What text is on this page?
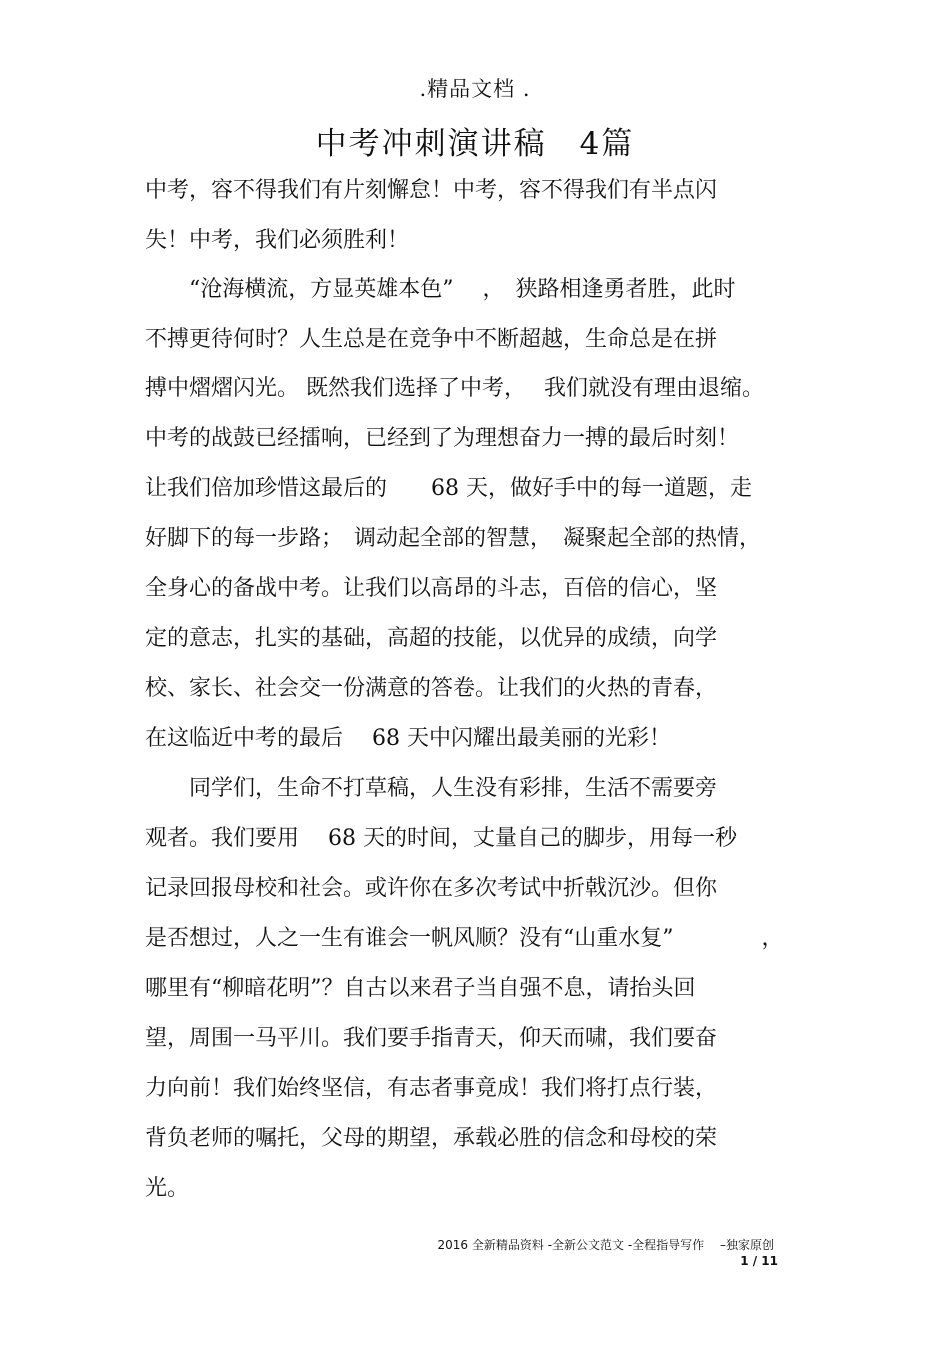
.精品文档 .
中考冲刺演讲稿　4篇
中考，容不得我们有片刻懈怠！中考，容不得我们有半点闪
失！中考，我们必须胜利！
　　“沧海横流，方显英雄本色”　 ，　狭路相逢勇者胜，此时
不搏更待何时？人生总是在竞争中不断超越，生命总是在拼
搏中熠熠闪光。 既然我们选择了中考，　 我们就没有理由退缩。
中考的战鼓已经擂响，已经到了为理想奋力一搏的最后时刻！
让我们倍加珍惜这最后的　　68 天，做好手中的每一道题，走
好脚下的每一步路；　调动起全部的智慧，　凝聚起全部的热情，
全身心的备战中考。让我们以高昂的斗志，百倍的信心，坚
定的意志，扎实的基础，高超的技能，以优异的成绩，向学
校、家长、社会交一份满意的答卷。让我们的火热的青春，
在这临近中考的最后　 68 天中闪耀出最美丽的光彩！
　　同学们，生命不打草稿，人生没有彩排，生活不需要旁
观者。我们要用　 68 天的时间，丈量自己的脚步，用每一秒
记录回报母校和社会。或许你在多次考试中折戟沉沙。但你
是否想过，人之一生有谁会一帆风顺？没有“山重水复”　　　　，
哪里有“柳暗花明”？自古以来君子当自强不息，请抬头回
望，周围一马平川。我们要手指青天，仰天而啸，我们要奋
力向前！我们始终坚信，有志者事竟成！我们将打点行装，
背负老师的嘱托，父母的期望，承载必胜的信念和母校的荣
光。
2016 全新精品资料 -全新公文范文 -全程指导写作　 –独家原创
1 / 11
